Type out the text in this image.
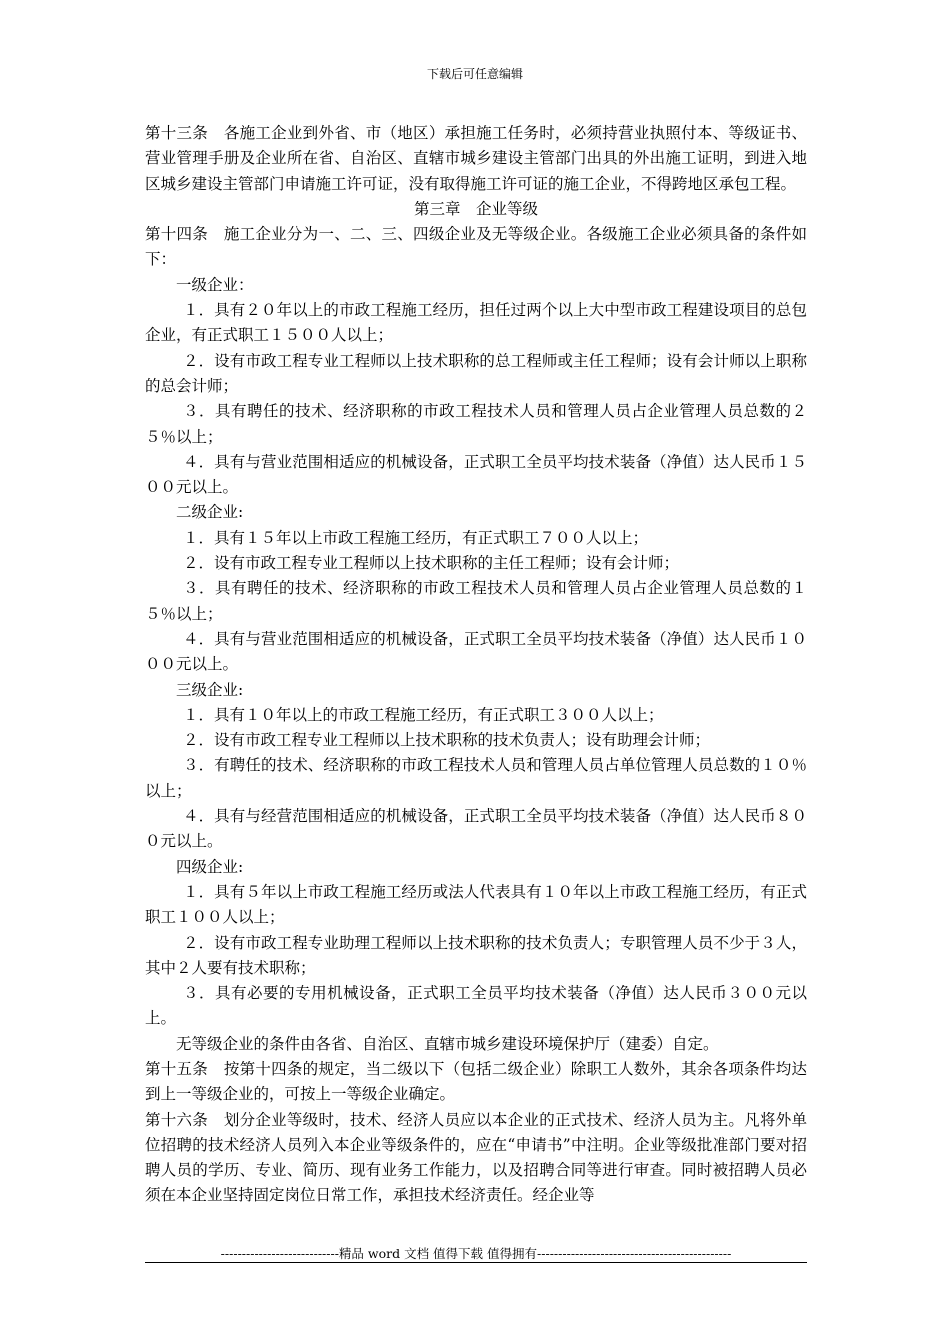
下载后可任意编辑

第十三条　各施工企业到外省、市（地区）承担施工任务时，必须持营业执照付本、等级证书、营业管理手册及企业所在省、自治区、直辖市城乡建设主管部门出具的外出施工证明，到进入地区城乡建设主管部门申请施工许可证，没有取得施工许可证的施工企业，不得跨地区承包工程。

第三章　企业等级

第十四条　施工企业分为一、二、三、四级企业及无等级企业。各级施工企业必须具备的条件如下：

一级企业：

１．具有２０年以上的市政工程施工经历，担任过两个以上大中型市政工程建设项目的总包企业，有正式职工１５００人以上；

２．设有市政工程专业工程师以上技术职称的总工程师或主任工程师；设有会计师以上职称的总会计师；

３．具有聘任的技术、经济职称的市政工程技术人员和管理人员占企业管理人员总数的２５％以上；

４．具有与营业范围相适应的机械设备，正式职工全员平均技术装备（净值）达人民币１５００元以上。

二级企业:

１．具有１５年以上市政工程施工经历，有正式职工７００人以上；

２．设有市政工程专业工程师以上技术职称的主任工程师；设有会计师；

３．具有聘任的技术、经济职称的市政工程技术人员和管理人员占企业管理人员总数的１５％以上；

４．具有与营业范围相适应的机械设备，正式职工全员平均技术装备（净值）达人民币１０００元以上。

三级企业:

１．具有１０年以上的市政工程施工经历，有正式职工３００人以上；

２．设有市政工程专业工程师以上技术职称的技术负责人；设有助理会计师；

３．有聘任的技术、经济职称的市政工程技术人员和管理人员占单位管理人员总数的１０％以上；

４．具有与经营范围相适应的机械设备，正式职工全员平均技术装备（净值）达人民币８００元以上。

四级企业:

１．具有５年以上市政工程施工经历或法人代表具有１０年以上市政工程施工经历，有正式职工１００人以上；

２．设有市政工程专业助理工程师以上技术职称的技术负责人；专职管理人员不少于３人，其中２人要有技术职称；

３．具有必要的专用机械设备，正式职工全员平均技术装备（净值）达人民币３００元以上。

无等级企业的条件由各省、自治区、直辖市城乡建设环境保护厅（建委）自定。

第十五条　按第十四条的规定，当二级以下（包括二级企业）除职工人数外，其余各项条件均达到上一等级企业的，可按上一等级企业确定。

第十六条　划分企业等级时，技术、经济人员应以本企业的正式技术、经济人员为主。凡将外单位招聘的技术经济人员列入本企业等级条件的，应在“申请书”中注明。企业等级批准部门要对招聘人员的学历、专业、简历、现有业务工作能力，以及招聘合同等进行审查。同时被招聘人员必须在本企业坚持固定岗位日常工作，承担技术经济责任。经企业等

----------------------------精品 word 文档 值得下载 值得拥有----------------------------------------------
